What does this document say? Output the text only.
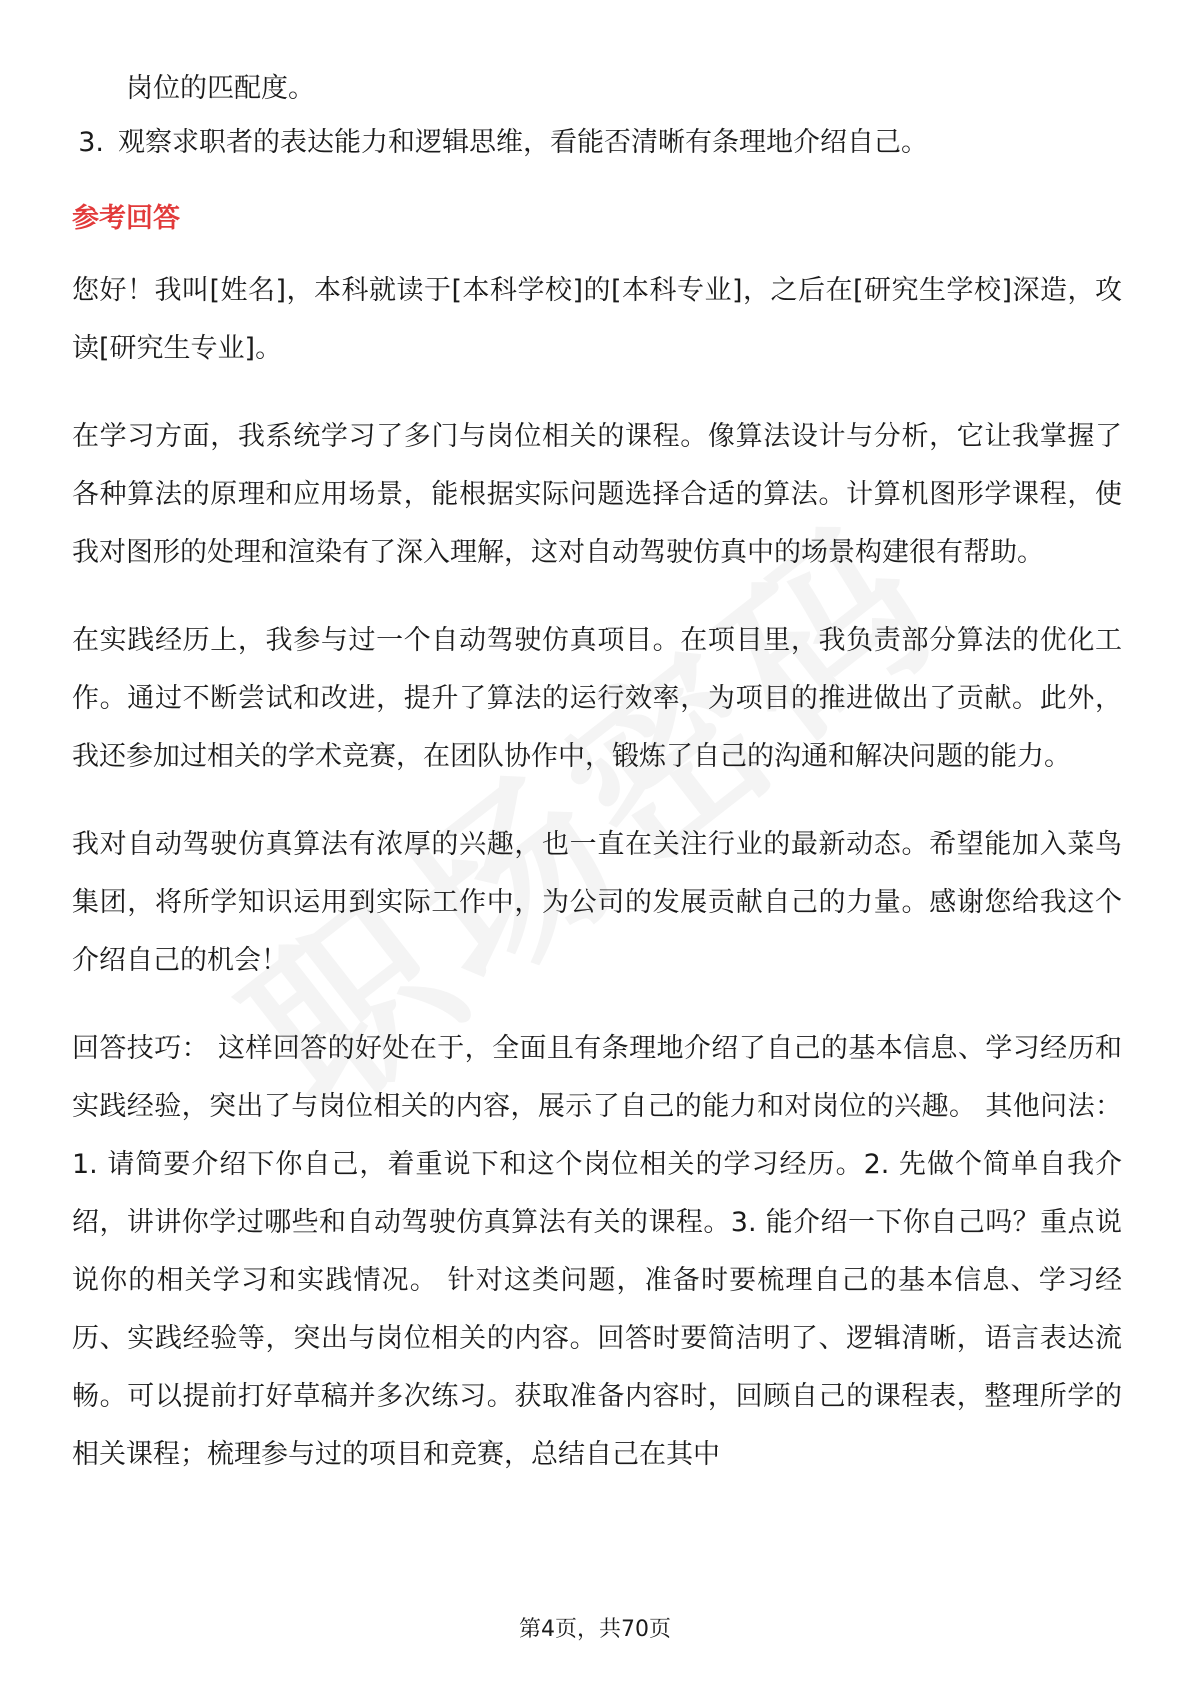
岗位的匹配度。
3. 观察求职者的表达能力和逻辑思维，看能否清晰有条理地介绍自己。
参考回答

您好！我叫[姓名]，本科就读于[本科学校]的[本科专业]，之后在[研究生学校]深造，攻读[研究生专业]。

在学习方面，我系统学习了多门与岗位相关的课程。像算法设计与分析，它让我掌握了各种算法的原理和应用场景，能根据实际问题选择合适的算法。计算机图形学课程，使我对图形的处理和渲染有了深入理解，这对自动驾驶仿真中的场景构建很有帮助。

在实践经历上，我参与过一个自动驾驶仿真项目。在项目里，我负责部分算法的优化工作。通过不断尝试和改进，提升了算法的运行效率，为项目的推进做出了贡献。此外，我还参加过相关的学术竞赛，在团队协作中，锻炼了自己的沟通和解决问题的能力。

我对自动驾驶仿真算法有浓厚的兴趣，也一直在关注行业的最新动态。希望能加入菜鸟集团，将所学知识运用到实际工作中，为公司的发展贡献自己的力量。感谢您给我这个介绍自己的机会！

回答技巧： 这样回答的好处在于，全面且有条理地介绍了自己的基本信息、学习经历和实践经验，突出了与岗位相关的内容，展示了自己的能力和对岗位的兴趣。 其他问法：1. 请简要介绍下你自己，着重说下和这个岗位相关的学习经历。2. 先做个简单自我介绍，讲讲你学过哪些和自动驾驶仿真算法有关的课程。3. 能介绍一下你自己吗？重点说说你的相关学习和实践情况。 针对这类问题，准备时要梳理自己的基本信息、学习经历、实践经验等，突出与岗位相关的内容。回答时要简洁明了、逻辑清晰，语言表达流畅。可以提前打好草稿并多次练习。获取准备内容时，回顾自己的课程表，整理所学的相关课程；梳理参与过的项目和竞赛，总结自己在其中

第4页，共70页
